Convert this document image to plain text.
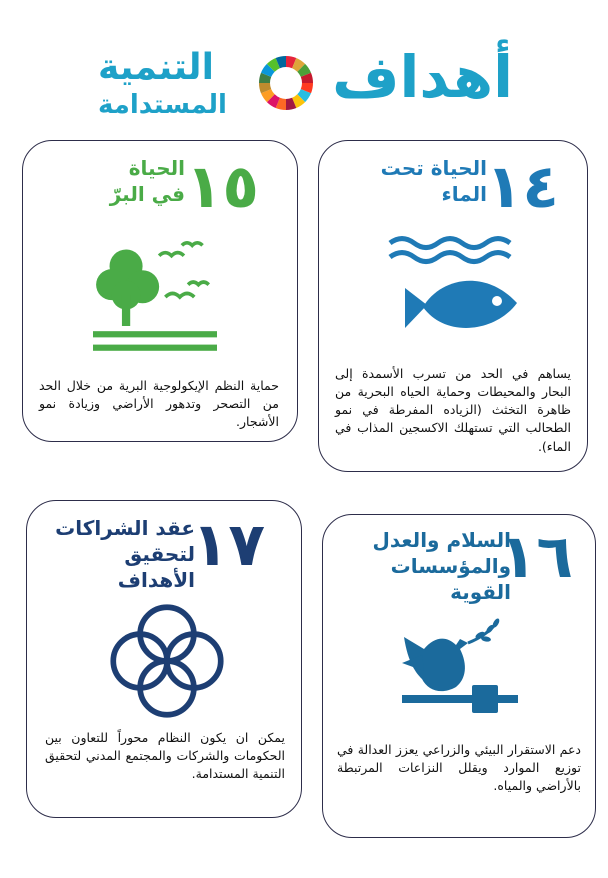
أهداف
التنمية
المستدامة
١٤
الحياة تحت الماء
يساهم في الحد من تسرب الأسمدة إلى البحار والمحيطات وحماية الحياه البحرية من ظاهرة التخثث (الزياده المفرطة في نمو الطحالب التي تستهلك الاكسجين المذاب في الماء).
١٥
الحياة في البرّ
حماية النظم الإيكولوجية البرية من خلال الحد من التصحر وتدهور الأراضي وزيادة نمو الأشجار.
١٦
السلام والعدل والمؤسسات القوية
دعم الاستقرار البيئي والزراعي يعزز العدالة في توزيع الموارد ويقلل النزاعات المرتبطة بالأراضي والمياه.
١٧
عقد الشراكات لتحقيق الأهداف
يمكن ان يكون النظام محوراً للتعاون بين الحكومات والشركات والمجتمع المدني لتحقيق التنمية المستدامة.
